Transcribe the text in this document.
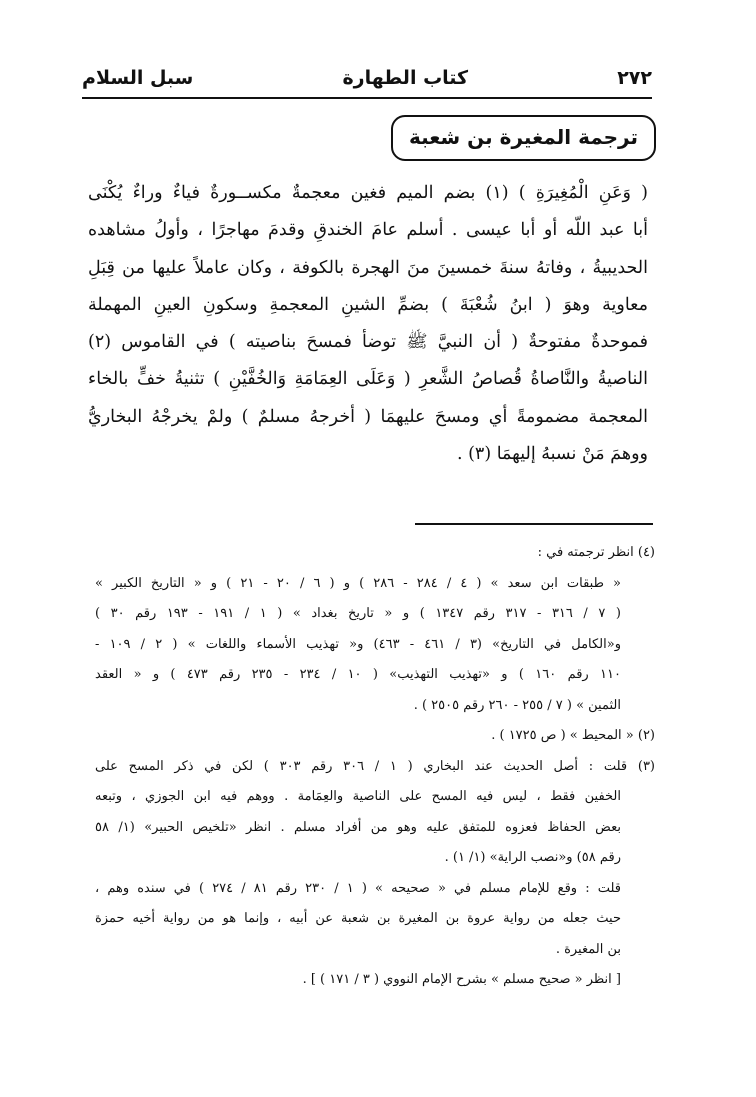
٢٧٢
كتاب الطهارة
سبل السلام
ترجمة المغيرة بن شعبة
( وَعَنِ الْمُغِيرَةِ ) (١) بضم الميم فغين معجمةٌ مكســورةٌ فياءٌ وراءٌ يُكْنَى
أبا عبد اللّه أو أبا عيسى . أسلم عامَ الخندقِ وقدمَ مهاجرًا ، وأولُ مشاهده
الحديبيةُ ، وفاتهُ سنةَ خمسينَ منَ الهجرة بالكوفة ، وكان عاملاً عليها من قِبَلِ
معاوية وهوَ ( ابنُ شُعْبَةَ ) بضمِّ الشينِ المعجمةِ وسكونِ العينِ المهملة
فموحدةٌ مفتوحةٌ ( أن النبيَّ ﷺ توضأ فمسحَ بناصيته ) في القاموس (٢)
الناصيةُ والنَّاصاةُ قُصاصُ الشَّعرِ ( وَعَلَى العِمَامَةِ وَالخُفَّيْنِ ) تثنيةُ خفٍّ بالخاء
المعجمة مضمومةً أي ومسحَ عليهمَا ( أخرجهُ مسلمٌ ) ولمْ يخرجْهُ البخاريُّ
ووهمَ مَنْ نسبهُ إليهمَا (٣) .
(٤) انظر ترجمته في :
« طبقات ابن سعد » ( ٤ / ٢٨٤ - ٢٨٦ ) و ( ٦ / ٢٠ - ٢١ ) و « التاريخ الكبير »
( ٧ / ٣١٦ - ٣١٧ رقم ١٣٤٧ ) و « تاريخ بغداد » ( ١ / ١٩١ - ١٩٣ رقم ٣٠ )
و«الكامل في التاريخ» (٣ / ٤٦١ - ٤٦٣) و« تهذيب الأسماء واللغات » ( ٢ / ١٠٩ -
١١٠ رقم ١٦٠ ) و «تهذيب التهذيب» ( ١٠ / ٢٣٤ - ٢٣٥ رقم ٤٧٣ ) و « العقد
الثمين » ( ٧ / ٢٥٥ - ٢٦٠ رقم ٢٥٠٥ ) .
(٢) « المحيط » ( ص ١٧٢٥ ) .
(٣) قلت : أصل الحديث عند البخاري ( ١ / ٣٠٦ رقم ٣٠٣ ) لكن في ذكر المسح على
الخفين فقط ، ليس فيه المسح على الناصية والعِمَامة . ووهم فيه ابن الجوزي ، وتبعه
بعض الحفاظ فعزوه للمتفق عليه وهو من أفراد مسلم . انظر «تلخيص الحبير» (١/ ٥٨
رقم ٥٨) و«نصب الراية» (١/ ١) .
قلت : وقع للإمام مسلم في « صحيحه » ( ١ / ٢٣٠ رقم ٨١ / ٢٧٤ ) في سنده وهم ،
حيث جعله من رواية عروة بن المغيرة بن شعبة عن أبيه ، وإنما هو من رواية أخيه حمزة
بن المغيرة .
[ انظر « صحيح مسلم » بشرح الإمام النووي ( ٣ / ١٧١ ) ] .
